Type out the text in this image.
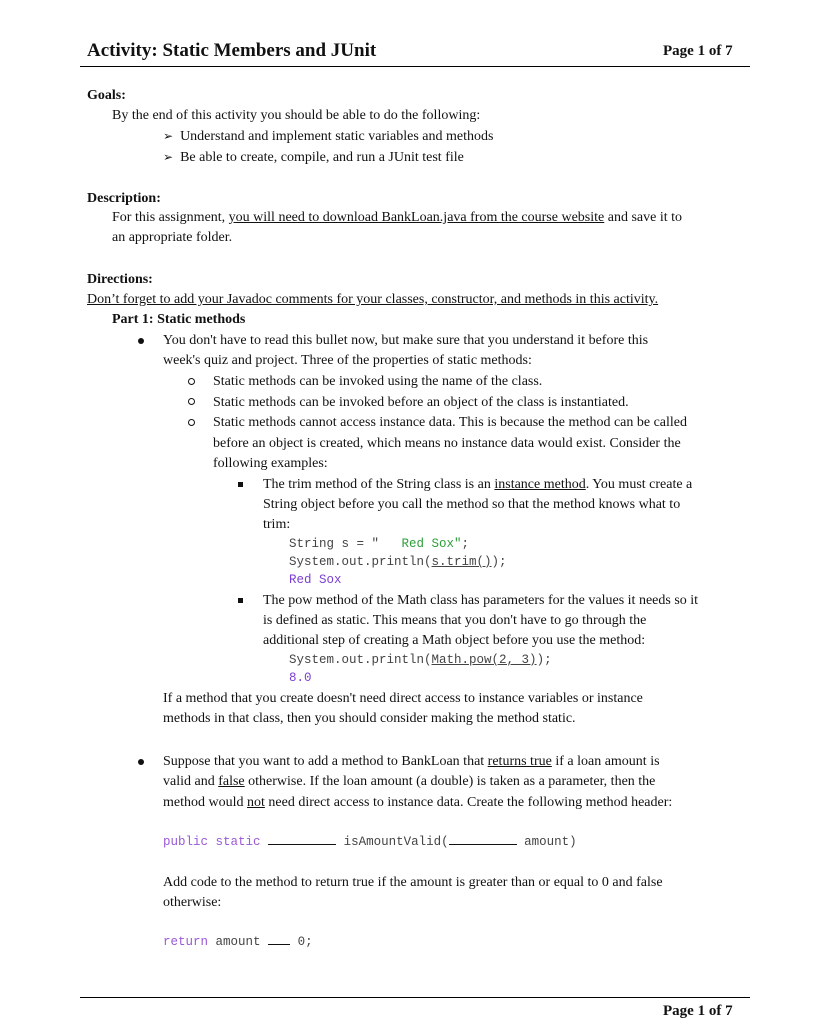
Activity: Static Members and JUnit	Page 1 of 7
Goals:
By the end of this activity you should be able to do the following:
➢ Understand and implement static variables and methods
➢ Be able to create, compile, and run a JUnit test file
Description:
For this assignment, you will need to download BankLoan.java from the course website and save it to
an appropriate folder.
Directions:
Don’t forget to add your Javadoc comments for your classes, constructor, and methods in this activity.
Part 1: Static methods
You don't have to read this bullet now, but make sure that you understand it before this
week's quiz and project. Three of the properties of static methods:
Static methods can be invoked using the name of the class.
Static methods can be invoked before an object of the class is instantiated.
Static methods cannot access instance data. This is because the method can be called
before an object is created, which means no instance data would exist. Consider the
following examples:
The trim method of the String class is an instance method. You must create a
String object before you call the method so that the method knows what to
trim:
String s = "   Red Sox";
System.out.println(s.trim());
Red Sox
The pow method of the Math class has parameters for the values it needs so it
is defined as static. This means that you don't have to go through the
additional step of creating a Math object before you use the method:
System.out.println(Math.pow(2, 3));
8.0
If a method that you create doesn't need direct access to instance variables or instance
methods in that class, then you should consider making the method static.
Suppose that you want to add a method to BankLoan that returns true if a loan amount is
valid and false otherwise. If the loan amount (a double) is taken as a parameter, then the
method would not need direct access to instance data. Create the following method header:
public static	isAmountValid(	amount)
Add code to the method to return true if the amount is greater than or equal to 0 and false
otherwise:
return amount	0;
Page 1 of 7
